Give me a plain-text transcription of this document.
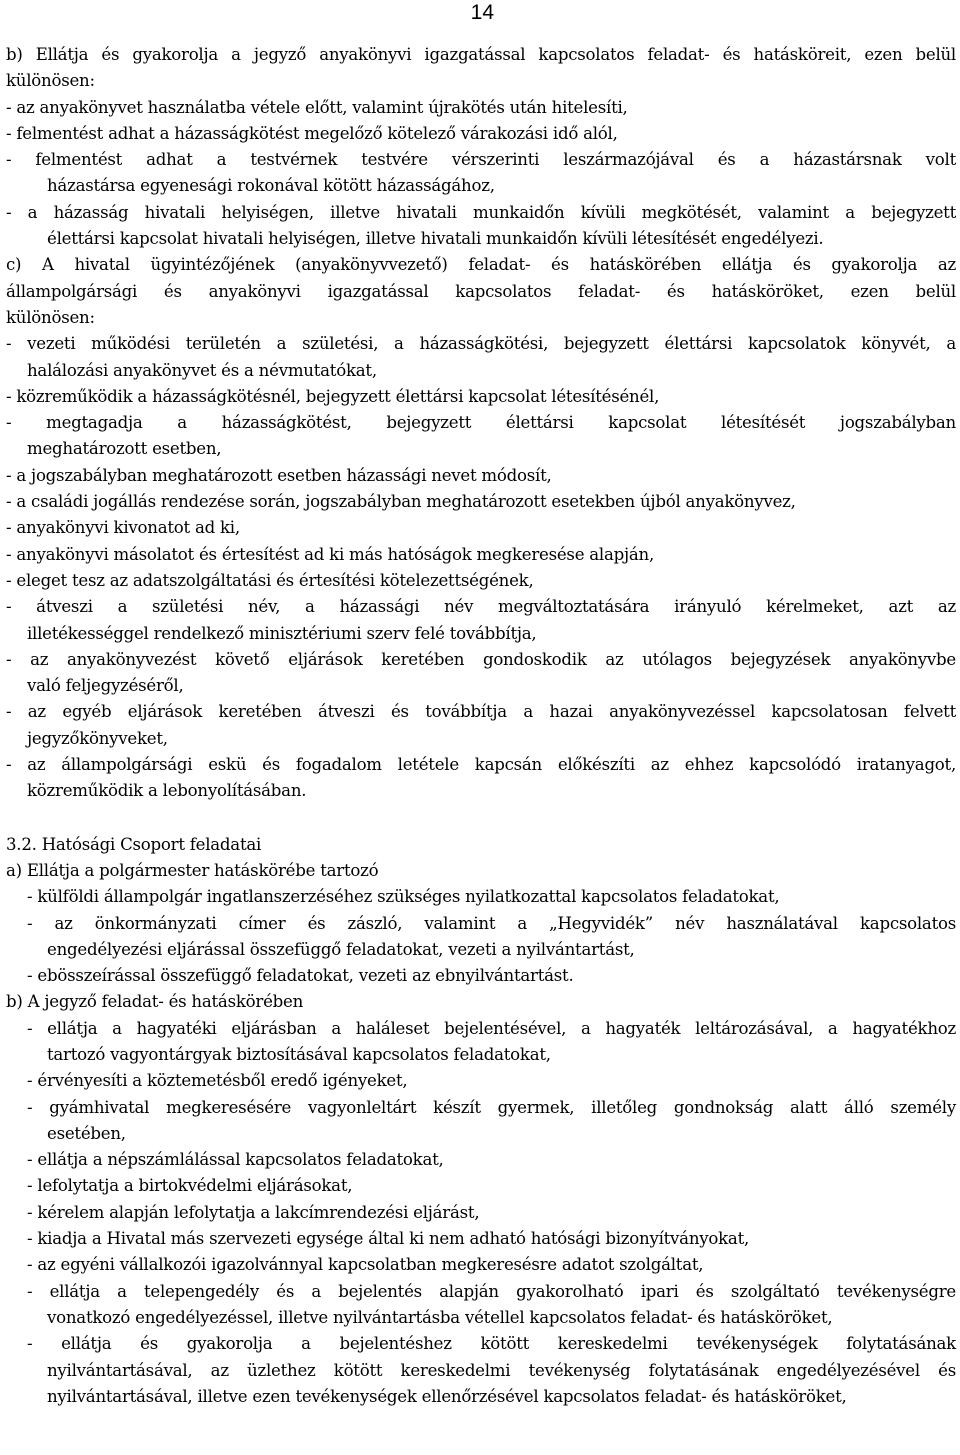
14
b) Ellátja és gyakorolja a jegyző anyakönyvi igazgatással kapcsolatos feladat- és hatásköreit, ezen belül
különösen:
- az anyakönyvet használatba vétele előtt, valamint újrakötés után hitelesíti,
- felmentést adhat a házasságkötést megelőző kötelező várakozási idő alól,
- felmentést adhat a testvérnek testvére vérszerinti leszármazójával és a házastársnak volt
házastársa egyenesági rokonával kötött házasságához,
- a házasság hivatali helyiségen, illetve hivatali munkaidőn kívüli megkötését, valamint a bejegyzett
élettársi kapcsolat hivatali helyiségen, illetve hivatali munkaidőn kívüli létesítését engedélyezi.
c) A hivatal ügyintézőjének (anyakönyvvezető) feladat- és hatáskörében ellátja és gyakorolja az
állampolgársági és anyakönyvi igazgatással kapcsolatos feladat- és hatásköröket, ezen belül
különösen:
- vezeti működési területén a születési, a házasságkötési, bejegyzett élettársi kapcsolatok könyvét, a
halálozási anyakönyvet és a névmutatókat,
- közreműködik a házasságkötésnél, bejegyzett élettársi kapcsolat létesítésénél,
- megtagadja a házasságkötést, bejegyzett élettársi kapcsolat létesítését jogszabályban
meghatározott esetben,
- a jogszabályban meghatározott esetben házassági nevet módosít,
- a családi jogállás rendezése során, jogszabályban meghatározott esetekben újból anyakönyvez,
- anyakönyvi kivonatot ad ki,
- anyakönyvi másolatot és értesítést ad ki más hatóságok megkeresése alapján,
- eleget tesz az adatszolgáltatási és értesítési kötelezettségének,
- átveszi a születési név, a házassági név megváltoztatására irányuló kérelmeket, azt az
illetékességgel rendelkező minisztériumi szerv felé továbbítja,
- az anyakönyvezést követő eljárások keretében gondoskodik az utólagos bejegyzések anyakönyvbe
való feljegyzéséről,
- az egyéb eljárások keretében átveszi és továbbítja a hazai anyakönyvezéssel kapcsolatosan felvett
jegyzőkönyveket,
- az állampolgársági eskü és fogadalom letétele kapcsán előkészíti az ehhez kapcsolódó iratanyagot,
közreműködik a lebonyolításában.
3.2. Hatósági Csoport feladatai
a) Ellátja a polgármester hatáskörébe tartozó
- külföldi állampolgár ingatlanszerzéséhez szükséges nyilatkozattal kapcsolatos feladatokat,
- az önkormányzati címer és zászló, valamint a „Hegyvidék” név használatával kapcsolatos
engedélyezési eljárással összefüggő feladatokat, vezeti a nyilvántartást,
- ebösszeírással összefüggő feladatokat, vezeti az ebnyilvántartást.
b) A jegyző feladat- és hatáskörében
- ellátja a hagyatéki eljárásban a haláleset bejelentésével, a hagyaték leltározásával, a hagyatékhoz
tartozó vagyontárgyak biztosításával kapcsolatos feladatokat,
- érvényesíti a köztemetésből eredő igényeket,
- gyámhivatal megkeresésére vagyonleltárt készít gyermek, illetőleg gondnokság alatt álló személy
esetében,
- ellátja a népszámlálással kapcsolatos feladatokat,
- lefolytatja a birtokvédelmi eljárásokat,
- kérelem alapján lefolytatja a lakcímrendezési eljárást,
- kiadja a Hivatal más szervezeti egysége által ki nem adható hatósági bizonyítványokat,
- az egyéni vállalkozói igazolvánnyal kapcsolatban megkeresésre adatot szolgáltat,
- ellátja a telepengedély és a bejelentés alapján gyakorolható ipari és szolgáltató tevékenységre
vonatkozó engedélyezéssel, illetve nyilvántartásba vétellel kapcsolatos feladat- és hatásköröket,
- ellátja és gyakorolja a bejelentéshez kötött kereskedelmi tevékenységek folytatásának
nyilvántartásával, az üzlethez kötött kereskedelmi tevékenység folytatásának engedélyezésével és
nyilvántartásával, illetve ezen tevékenységek ellenőrzésével kapcsolatos feladat- és hatásköröket,
